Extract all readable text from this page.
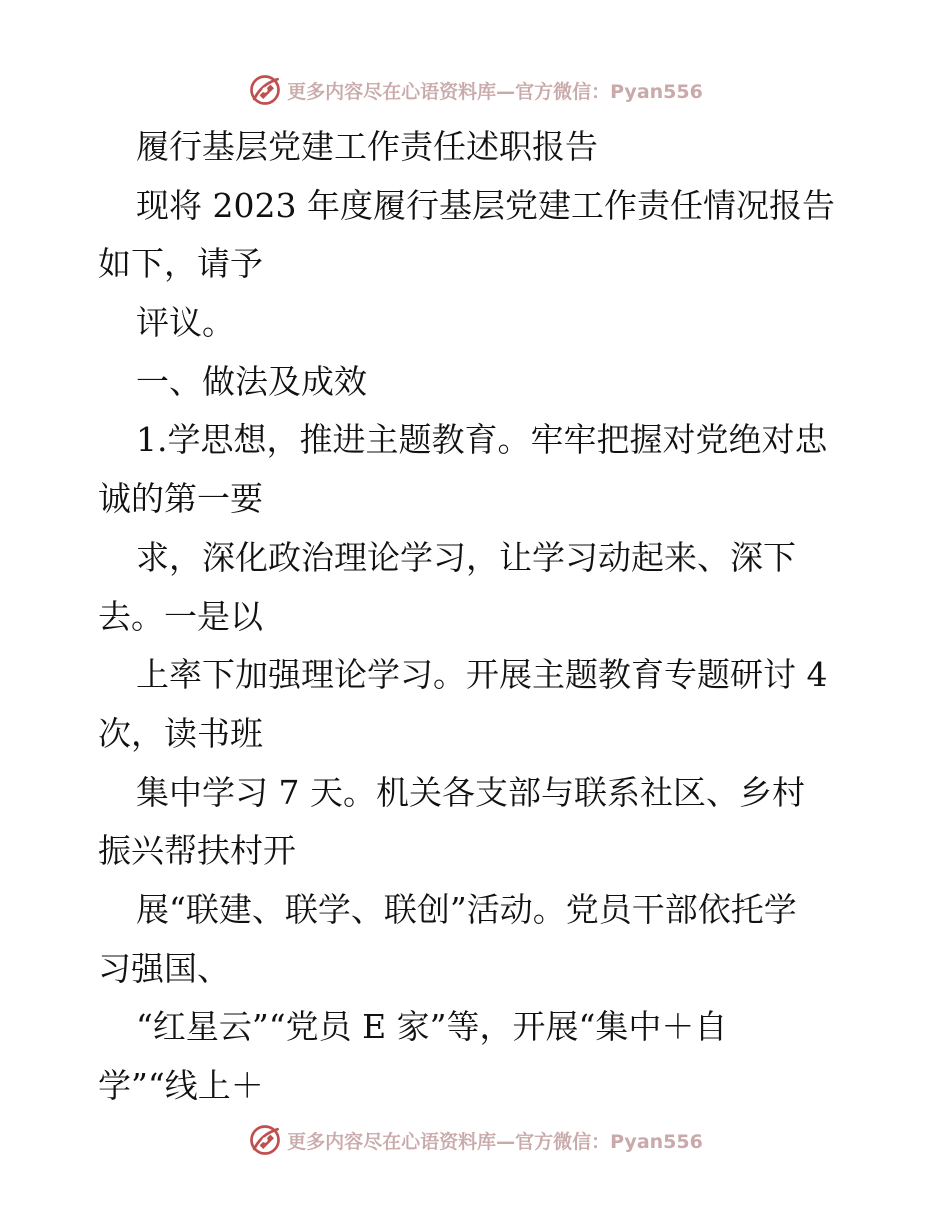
更多内容尽在心语资料库—官方微信：Pyan556
履行基层党建工作责任述职报告
现将 2023 年度履行基层党建工作责任情况报告
如下，请予
评议。
一、做法及成效
1.学思想，推进主题教育。牢牢把握对党绝对忠
诚的第一要
求，深化政治理论学习，让学习动起来、深下
去。一是以
上率下加强理论学习。开展主题教育专题研讨 4
次，读书班
集中学习 7 天。机关各支部与联系社区、乡村
振兴帮扶村开
展“联建、联学、联创”活动。党员干部依托学
习强国、
“红星云”“党员 E 家”等，开展“集中＋自
学”“线上＋
更多内容尽在心语资料库—官方微信：Pyan556
